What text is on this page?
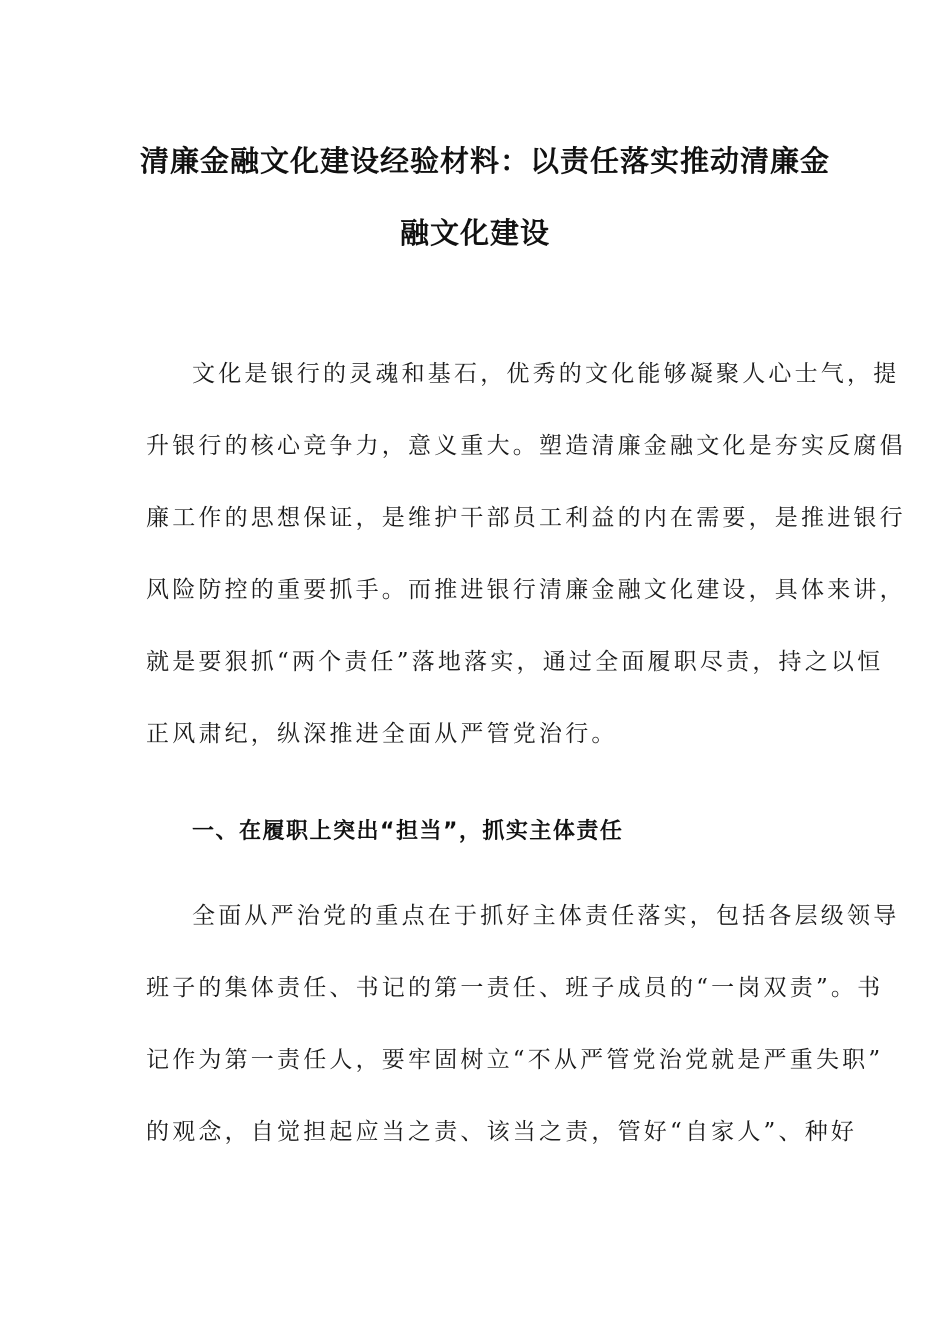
清廉金融文化建设经验材料：以责任落实推动清廉金
融文化建设
文化是银行的灵魂和基石，优秀的文化能够凝聚人心士气，提
升银行的核心竞争力，意义重大。塑造清廉金融文化是夯实反腐倡
廉工作的思想保证，是维护干部员工利益的内在需要，是推进银行
风险防控的重要抓手。而推进银行清廉金融文化建设，具体来讲，
就是要狠抓“两个责任”落地落实，通过全面履职尽责，持之以恒
正风肃纪，纵深推进全面从严管党治行。
一、在履职上突出“担当”，抓实主体责任
全面从严治党的重点在于抓好主体责任落实，包括各层级领导
班子的集体责任、书记的第一责任、班子成员的“一岗双责”。书
记作为第一责任人，要牢固树立“不从严管党治党就是严重失职”
的观念，自觉担起应当之责、该当之责，管好“自家人”、种好
